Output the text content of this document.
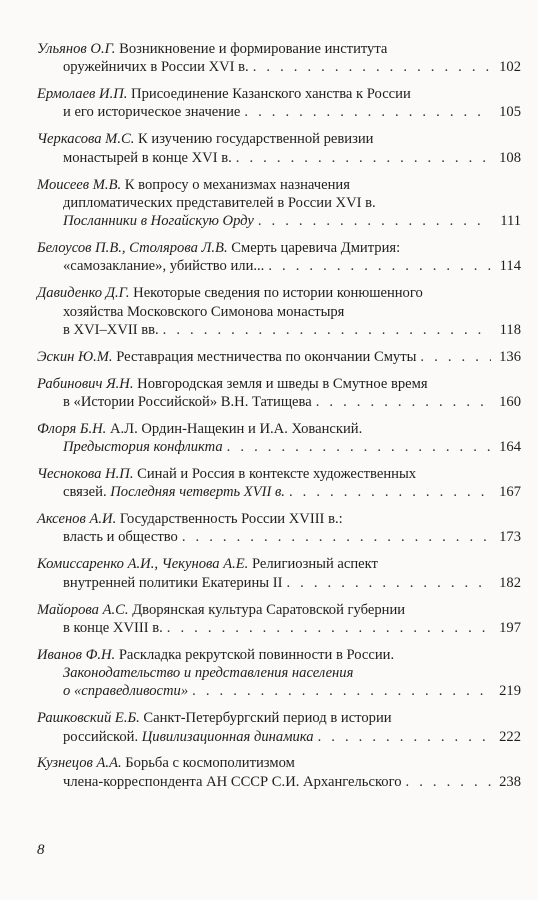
Ульянов О.Г. Возникновение и формирование института
оружейничих в России XVI в. . . .	102
Ермолаев И.П. Присоединение Казанского ханства к России
и его историческое значение . . .	105
Черкасова М.С. К изучению государственной ревизии
монастырей в конце XVI в. . . .	108
Моисеев М.В. К вопросу о механизмах назначения
дипломатических представителей в России XVI в.
Посланники в Ногайскую Орду . . .	111
Белоусов П.В., Столярова Л.В. Смерть царевича Дмитрия:
«самозаклание», убийство или... . . .	114
Давиденко Д.Г. Некоторые сведения по истории конюшенного
хозяйства Московского Симонова монастыря
в XVI–XVII вв. . . .	118
Эскин Ю.М. Реставрация местничества по окончании Смуты . . .	136
Рабинович Я.Н. Новгородская земля и шведы в Смутное время
в «Истории Российской» В.Н. Татищева . . .	160
Флоря Б.Н. А.Л. Ордин-Нащекин и И.А. Хованский.
Предыстория конфликта . . .	164
Чеснокова Н.П. Синай и Россия в контексте художественных
связей. Последняя четверть XVII в. . . .	167
Аксенов А.И. Государственность России XVIII в.:
власть и общество . . .	173
Комиссаренко А.И., Чекунова А.Е. Религиозный аспект
внутренней политики Екатерины II . . .	182
Майорова А.С. Дворянская культура Саратовской губернии
в конце XVIII в. . . .	197
Иванов Ф.Н. Раскладка рекрутской повинности в России.
Законодательство и представления населения
о «справедливости» . . .	219
Рашковский Е.Б. Санкт-Петербургский период в истории
российской. Цивилизационная динамика . . .	222
Кузнецов А.А. Борьба с космополитизмом
члена-корреспондента АН СССР С.И. Архангельского . . .	238
8
